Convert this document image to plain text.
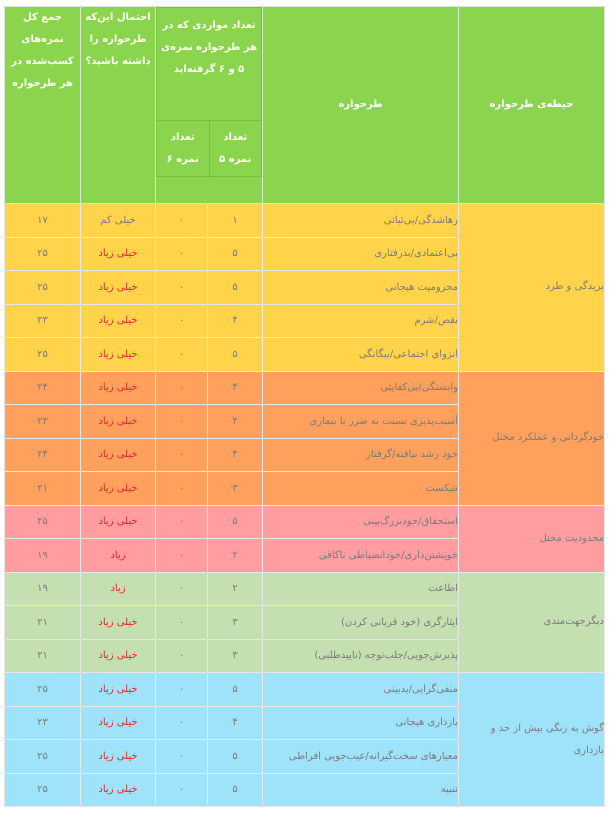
حیطه‌ی طرحواره	طرحواره	
تعداد مواردی که در هر طرحواره نمره‌ی ۵ و ۶ گرفته‌اید
تعداد نمره ۵	تعداد نمره ۶
	احتمال این‌که طرحواره را داشته باشید؟	جمع کل نمره‌های کسب‌شده در هر طرحواره
بریدگی و طرد	رهاشدگی/بی‌ثباتی	۱	۰	خیلی کم	۱۷
بی‌اعتمادی/بدرفتاری	۵	۰	خیلی زیاد	۲۵
محرومیت هیجانی	۵	۰	خیلی زیاد	۲۵
نقص/شرم	۴	۰	خیلی زیاد	۲۳
انزوای اجتماعی/بیگانگی	۵	۰	خیلی زیاد	۲۵
خودگردانی و عملکرد مختل	وابستگی/بی‌کفایتی	۴	۰	خیلی زیاد	۲۴
آسیب‌پذیری نسبت به ضرر یا بیماری	۴	۰	خیلی زیاد	۲۳
خود رشد نیافته/گرفتار	۴	۰	خیلی زیاد	۲۴
شکست	۳	۰	خیلی زیاد	۲۱
محدودیت مختل	استحقاق/خودبزرگ‌بینی	۵	۰	خیلی زیاد	۲۵
خویشتن‌داری/خودانضباطی ناکافی	۲	۰	زیاد	۱۹
دیگرجهت‌مندی	اطاعت	۲	۰	زیاد	۱۹
ایثارگری (خود قربانی کردن)	۳	۰	خیلی زیاد	۲۱
پذیرش‌جویی/جلب‌توجه (تاییدطلبی)	۳	۰	خیلی زیاد	۲۱
گوش به زنگی بیش از حد و بازداری	منفی‌گرایی/بدبینی	۵	۰	خیلی زیاد	۲۵
بازداری هیجانی	۴	۰	خیلی زیاد	۲۳
معیارهای سخت‌گیرانه/عیب‌جویی افراطی	۵	۰	خیلی زیاد	۲۵
تنبیه	۵	۰	خیلی زیاد	۲۵
